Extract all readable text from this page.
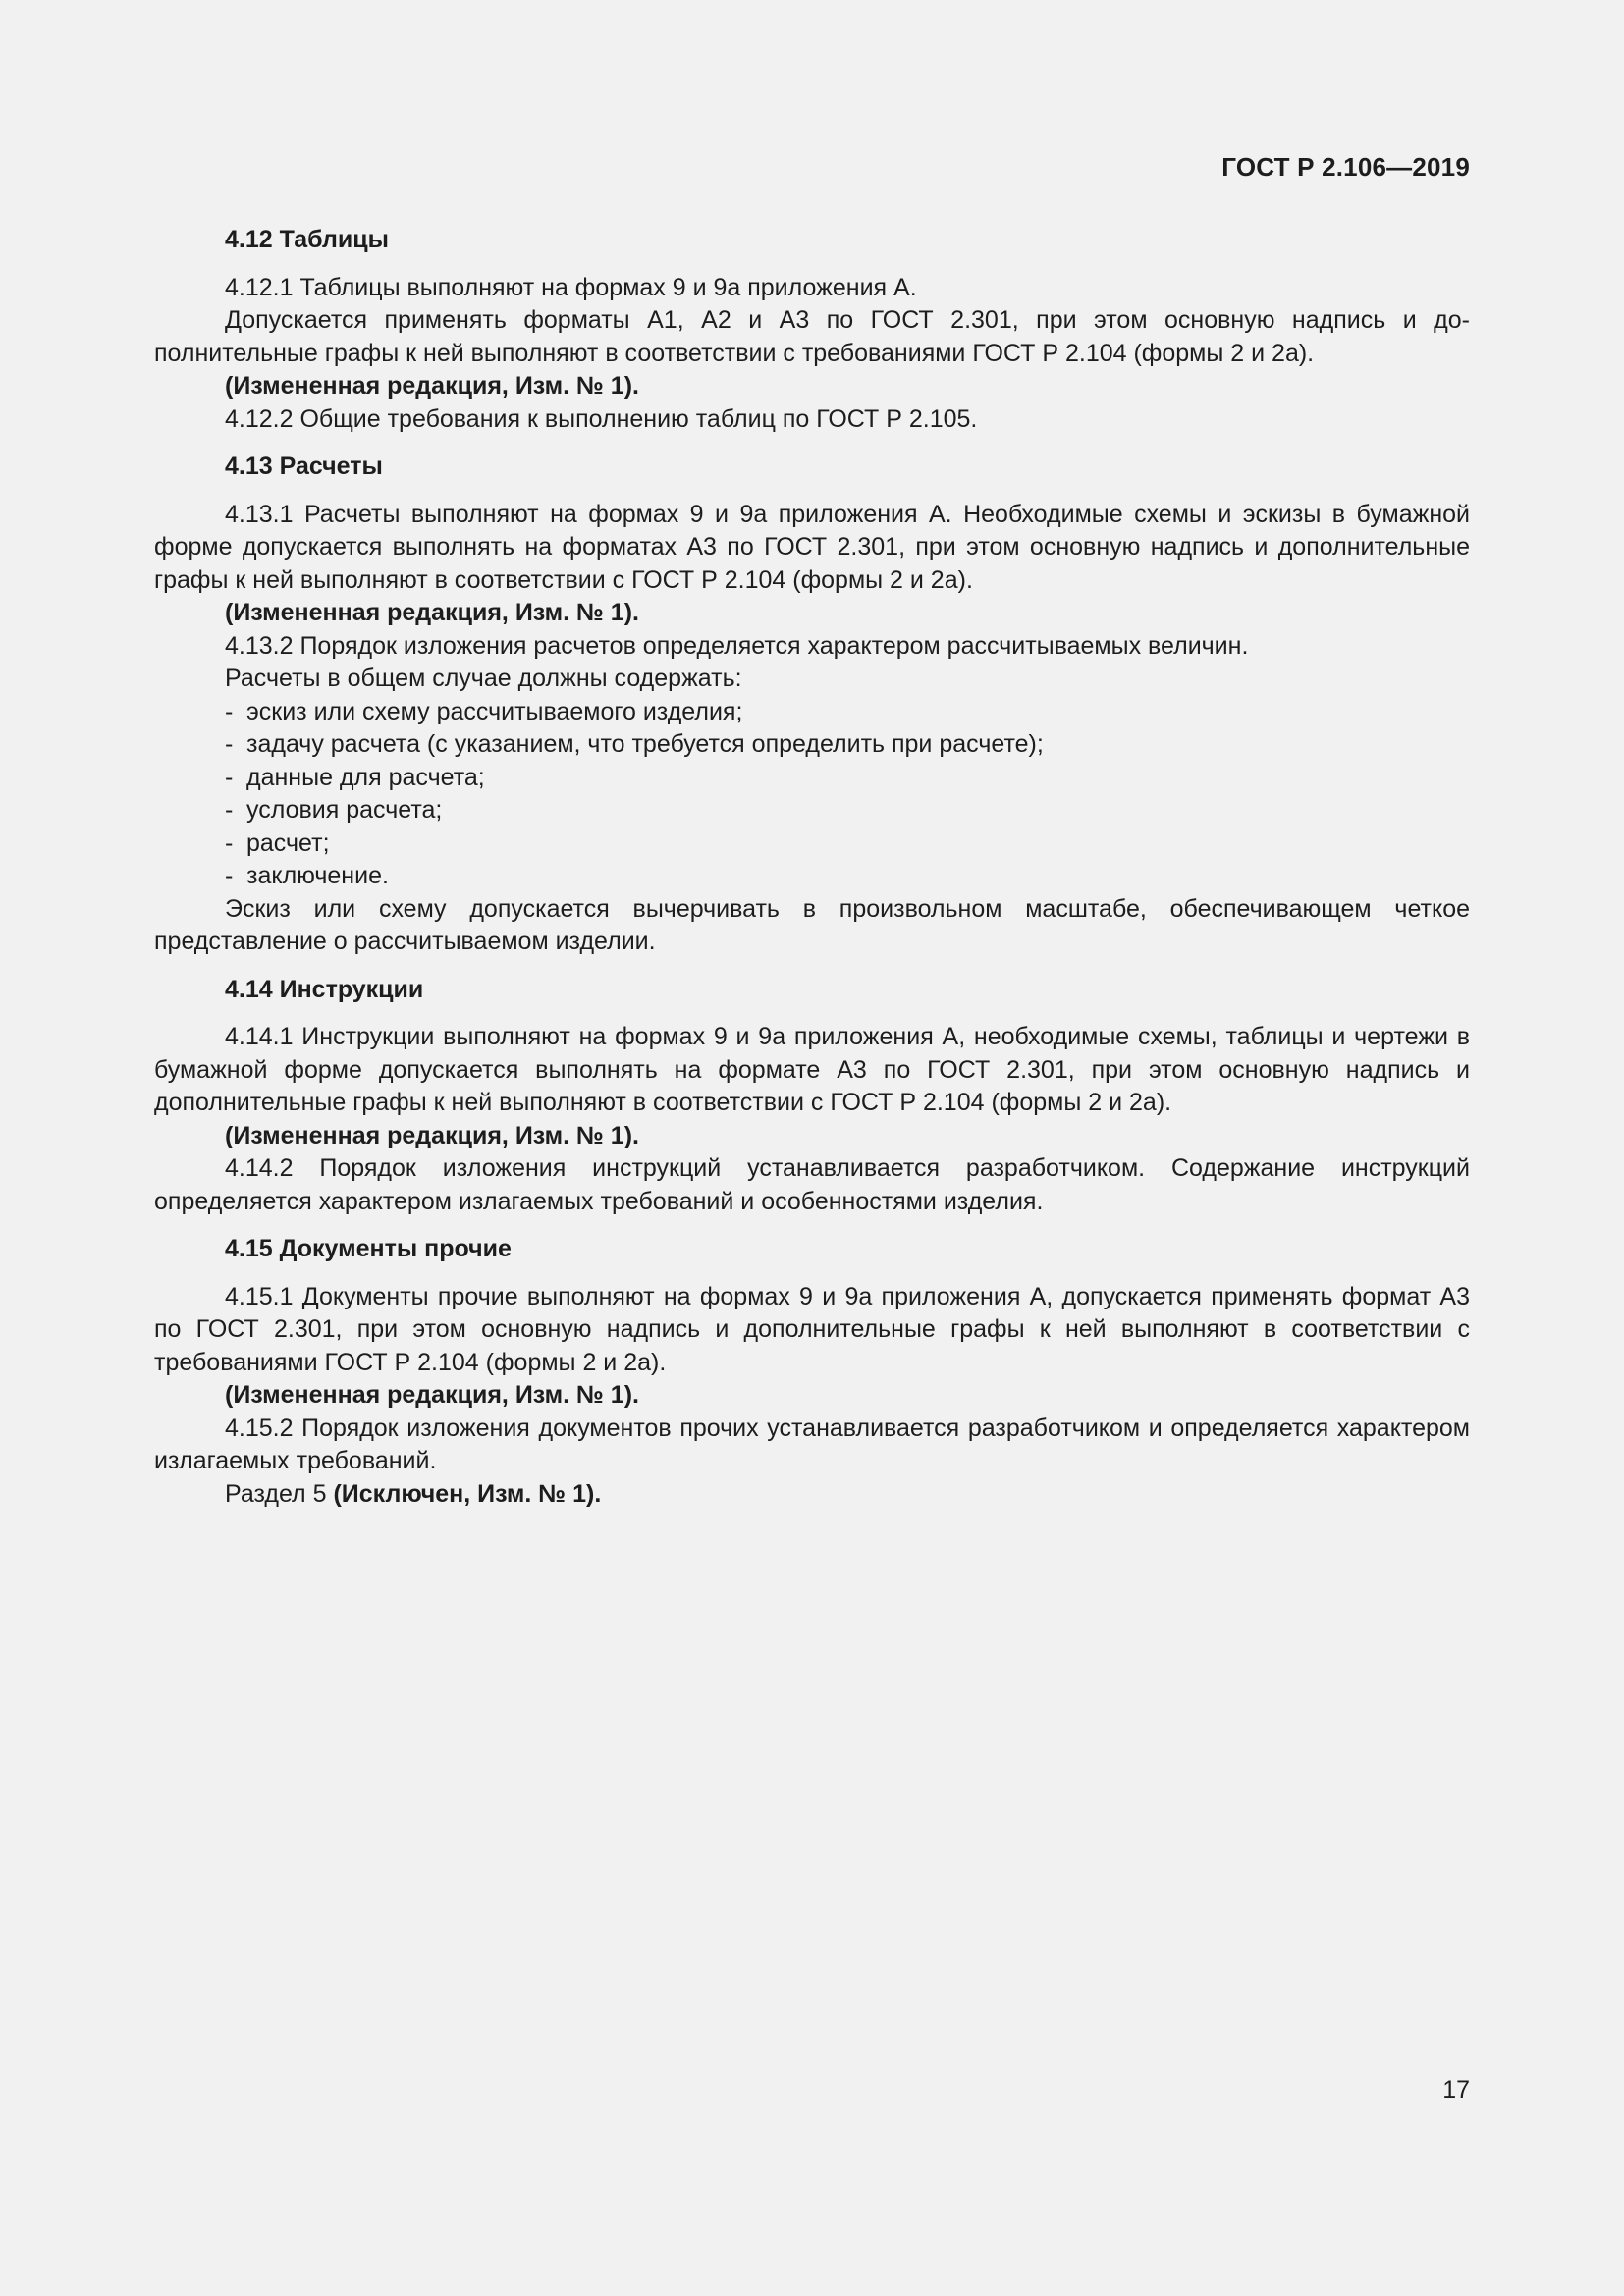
ГОСТ Р 2.106—2019
4.12 Таблицы

4.12.1 Таблицы выполняют на формах 9 и 9а приложения А.

Допускается применять форматы А1, А2 и А3 по ГОСТ 2.301, при этом основную надпись и дополнительные графы к ней выполняют в соответствии с требованиями ГОСТ Р 2.104 (формы 2 и 2а).

(Измененная редакция, Изм. № 1).

4.12.2 Общие требования к выполнению таблиц по ГОСТ Р 2.105.

4.13 Расчеты

4.13.1 Расчеты выполняют на формах 9 и 9а приложения А. Необходимые схемы и эскизы в бумажной форме допускается выполнять на форматах А3 по ГОСТ 2.301, при этом основную надпись и дополнительные графы к ней выполняют в соответствии с ГОСТ Р 2.104 (формы 2 и 2а).

(Измененная редакция, Изм. № 1).

4.13.2 Порядок изложения расчетов определяется характером рассчитываемых величин.

Расчеты в общем случае должны содержать:

- эскиз или схему рассчитываемого изделия;
- задачу расчета (с указанием, что требуется определить при расчете);
- данные для расчета;
- условия расчета;
- расчет;
- заключение.

Эскиз или схему допускается вычерчивать в произвольном масштабе, обеспечивающем четкое представление о рассчитываемом изделии.

4.14 Инструкции

4.14.1 Инструкции выполняют на формах 9 и 9а приложения А, необходимые схемы, таблицы и чертежи в бумажной форме допускается выполнять на формате А3 по ГОСТ 2.301, при этом основную надпись и дополнительные графы к ней выполняют в соответствии с ГОСТ Р 2.104 (формы 2 и 2а).

(Измененная редакция, Изм. № 1).

4.14.2 Порядок изложения инструкций устанавливается разработчиком. Содержание инструкций определяется характером излагаемых требований и особенностями изделия.

4.15 Документы прочие

4.15.1 Документы прочие выполняют на формах 9 и 9а приложения А, допускается применять формат А3 по ГОСТ 2.301, при этом основную надпись и дополнительные графы к ней выполняют в соответствии с требованиями ГОСТ Р 2.104 (формы 2 и 2а).

(Измененная редакция, Изм. № 1).

4.15.2 Порядок изложения документов прочих устанавливается разработчиком и определяется характером излагаемых требований.

Раздел 5 (Исключен, Изм. № 1).

17
